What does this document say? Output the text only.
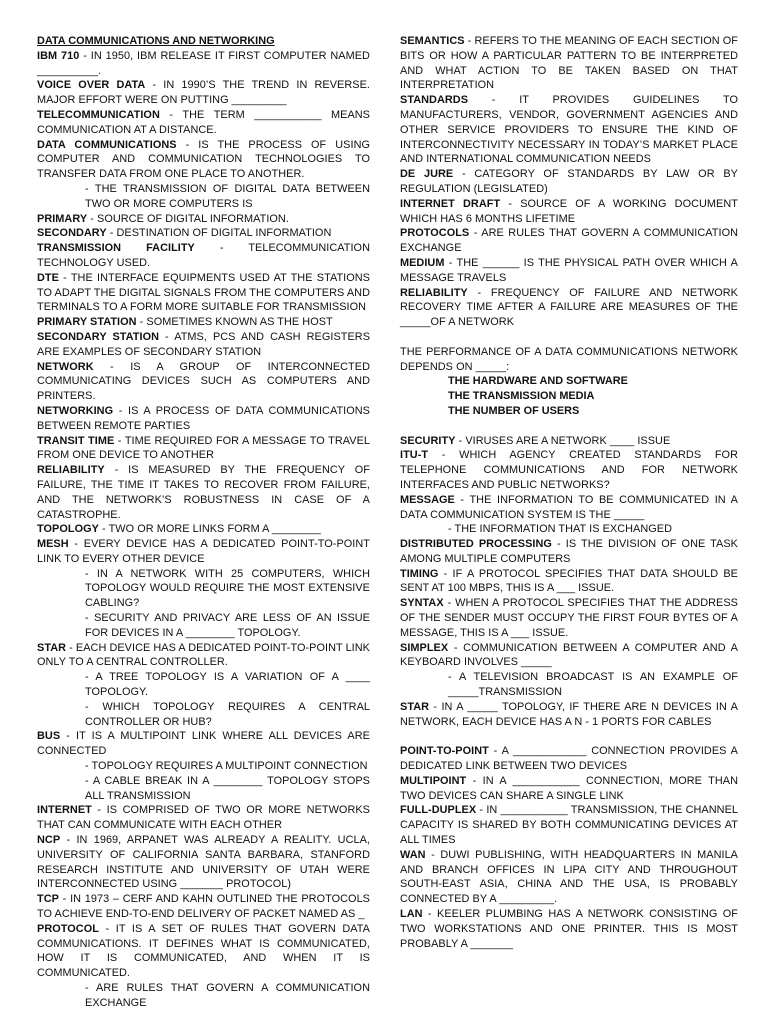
DATA COMMUNICATIONS AND NETWORKING

IBM 710 - IN 1950, IBM RELEASE IT FIRST COMPUTER NAMED __________.

VOICE OVER DATA - IN 1990’S THE TREND IN REVERSE. MAJOR EFFORT WERE ON PUTTING _________

TELECOMMUNICATION - THE TERM ___________ MEANS COMMUNICATION AT A DISTANCE.

DATA COMMUNICATIONS - IS THE PROCESS OF USING COMPUTER AND COMMUNICATION TECHNOLOGIES TO TRANSFER DATA FROM ONE PLACE TO ANOTHER.

- THE TRANSMISSION OF DIGITAL DATA BETWEEN TWO OR MORE COMPUTERS IS

PRIMARY - SOURCE OF DIGITAL INFORMATION.

SECONDARY - DESTINATION OF DIGITAL INFORMATION

TRANSMISSION FACILITY - TELECOMMUNICATION TECHNOLOGY USED.

DTE - THE INTERFACE EQUIPMENTS USED AT THE STATIONS TO ADAPT THE DIGITAL SIGNALS FROM THE COMPUTERS AND TERMINALS TO A FORM MORE SUITABLE FOR TRANSMISSION

PRIMARY STATION - SOMETIMES KNOWN AS THE HOST

SECONDARY STATION - ATMS, PCS AND CASH REGISTERS ARE EXAMPLES OF SECONDARY STATION

NETWORK - IS A GROUP OF INTERCONNECTED COMMUNICATING DEVICES SUCH AS COMPUTERS AND PRINTERS.

NETWORKING - IS A PROCESS OF DATA COMMUNICATIONS BETWEEN REMOTE PARTIES

TRANSIT TIME - TIME REQUIRED FOR A MESSAGE TO TRAVEL FROM ONE DEVICE TO ANOTHER

RELIABILITY - IS MEASURED BY THE FREQUENCY OF FAILURE, THE TIME IT TAKES TO RECOVER FROM FAILURE, AND THE NETWORK’S ROBUSTNESS IN CASE OF A CATASTROPHE.

TOPOLOGY - TWO OR MORE LINKS FORM A ________

MESH - EVERY DEVICE HAS A DEDICATED POINT-TO-POINT LINK TO EVERY OTHER DEVICE

- IN A NETWORK WITH 25 COMPUTERS, WHICH TOPOLOGY WOULD REQUIRE THE MOST EXTENSIVE CABLING?

- SECURITY AND PRIVACY ARE LESS OF AN ISSUE FOR DEVICES IN A ________ TOPOLOGY.

STAR - EACH DEVICE HAS A DEDICATED POINT-TO-POINT LINK ONLY TO A CENTRAL CONTROLLER.

- A TREE TOPOLOGY IS A VARIATION OF A ____ TOPOLOGY.

- WHICH TOPOLOGY REQUIRES A CENTRAL CONTROLLER OR HUB?

BUS - IT IS A MULTIPOINT LINK WHERE ALL DEVICES ARE CONNECTED

- TOPOLOGY REQUIRES A MULTIPOINT CONNECTION

- A CABLE BREAK IN A ________ TOPOLOGY STOPS ALL TRANSMISSION

INTERNET - IS COMPRISED OF TWO OR MORE NETWORKS THAT CAN COMMUNICATE WITH EACH OTHER

NCP - IN 1969, ARPANET WAS ALREADY A REALITY. UCLA, UNIVERSITY OF CALIFORNIA SANTA BARBARA, STANFORD RESEARCH INSTITUTE AND UNIVERSITY OF UTAH WERE INTERCONNECTED USING _______ PROTOCOL)

TCP - IN 1973 – CERF AND KAHN OUTLINED THE PROTOCOLS TO ACHIEVE END-TO-END DELIVERY OF PACKET NAMED AS _

PROTOCOL - IT IS A SET OF RULES THAT GOVERN DATA COMMUNICATIONS. IT DEFINES WHAT IS COMMUNICATED, HOW IT IS COMMUNICATED, AND WHEN IT IS COMMUNICATED.

- ARE RULES THAT GOVERN A COMMUNICATION EXCHANGE

SEMANTICS - REFERS TO THE MEANING OF EACH SECTION OF BITS OR HOW A PARTICULAR PATTERN TO BE INTERPRETED AND WHAT ACTION TO BE TAKEN BASED ON THAT INTERPRETATION

STANDARDS - IT PROVIDES GUIDELINES TO MANUFACTURERS, VENDOR, GOVERNMENT AGENCIES AND OTHER SERVICE PROVIDERS TO ENSURE THE KIND OF INTERCONNECTIVITY NECESSARY IN TODAY’S MARKET PLACE AND INTERNATIONAL COMMUNICATION NEEDS

DE JURE - CATEGORY OF STANDARDS BY LAW OR BY REGULATION (LEGISLATED)

INTERNET DRAFT - SOURCE OF A WORKING DOCUMENT WHICH HAS 6 MONTHS LIFETIME

PROTOCOLS - ARE RULES THAT GOVERN A COMMUNICATION EXCHANGE

MEDIUM - THE ______ IS THE PHYSICAL PATH OVER WHICH A MESSAGE TRAVELS

RELIABILITY - FREQUENCY OF FAILURE AND NETWORK RECOVERY TIME AFTER A FAILURE ARE MEASURES OF THE _____OF A NETWORK

THE PERFORMANCE OF A DATA COMMUNICATIONS NETWORK DEPENDS ON _____:

THE HARDWARE AND SOFTWARE

THE TRANSMISSION MEDIA

THE NUMBER OF USERS

SECURITY - VIRUSES ARE A NETWORK ____ ISSUE

ITU-T - WHICH AGENCY CREATED STANDARDS FOR TELEPHONE COMMUNICATIONS AND FOR NETWORK INTERFACES AND PUBLIC NETWORKS?

MESSAGE - THE INFORMATION TO BE COMMUNICATED IN A DATA COMMUNICATION SYSTEM IS THE _____

- THE INFORMATION THAT IS EXCHANGED

DISTRIBUTED PROCESSING - IS THE DIVISION OF ONE TASK AMONG MULTIPLE COMPUTERS

TIMING - IF A PROTOCOL SPECIFIES THAT DATA SHOULD BE SENT AT 100 MBPS, THIS IS A ___ ISSUE.

SYNTAX - WHEN A PROTOCOL SPECIFIES THAT THE ADDRESS OF THE SENDER MUST OCCUPY THE FIRST FOUR BYTES OF A MESSAGE, THIS IS A ___ ISSUE.

SIMPLEX - COMMUNICATION BETWEEN A COMPUTER AND A KEYBOARD INVOLVES _____

- A TELEVISION BROADCAST IS AN EXAMPLE OF _____TRANSMISSION

STAR - IN A _____ TOPOLOGY, IF THERE ARE N DEVICES IN A NETWORK, EACH DEVICE HAS A N - 1 PORTS FOR CABLES

POINT-TO-POINT - A ____________ CONNECTION PROVIDES A DEDICATED LINK BETWEEN TWO DEVICES

MULTIPOINT - IN A ___________ CONNECTION, MORE THAN TWO DEVICES CAN SHARE A SINGLE LINK

FULL-DUPLEX - IN ___________ TRANSMISSION, THE CHANNEL CAPACITY IS SHARED BY BOTH COMMUNICATING DEVICES AT ALL TIMES

WAN - DUWI PUBLISHING, WITH HEADQUARTERS IN MANILA AND BRANCH OFFICES IN LIPA CITY AND THROUGHOUT SOUTH-EAST ASIA, CHINA AND THE USA, IS PROBABLY CONNECTED BY A _________.

LAN - KEELER PLUMBING HAS A NETWORK CONSISTING OF TWO WORKSTATIONS AND ONE PRINTER. THIS IS MOST PROBABLY A _______
